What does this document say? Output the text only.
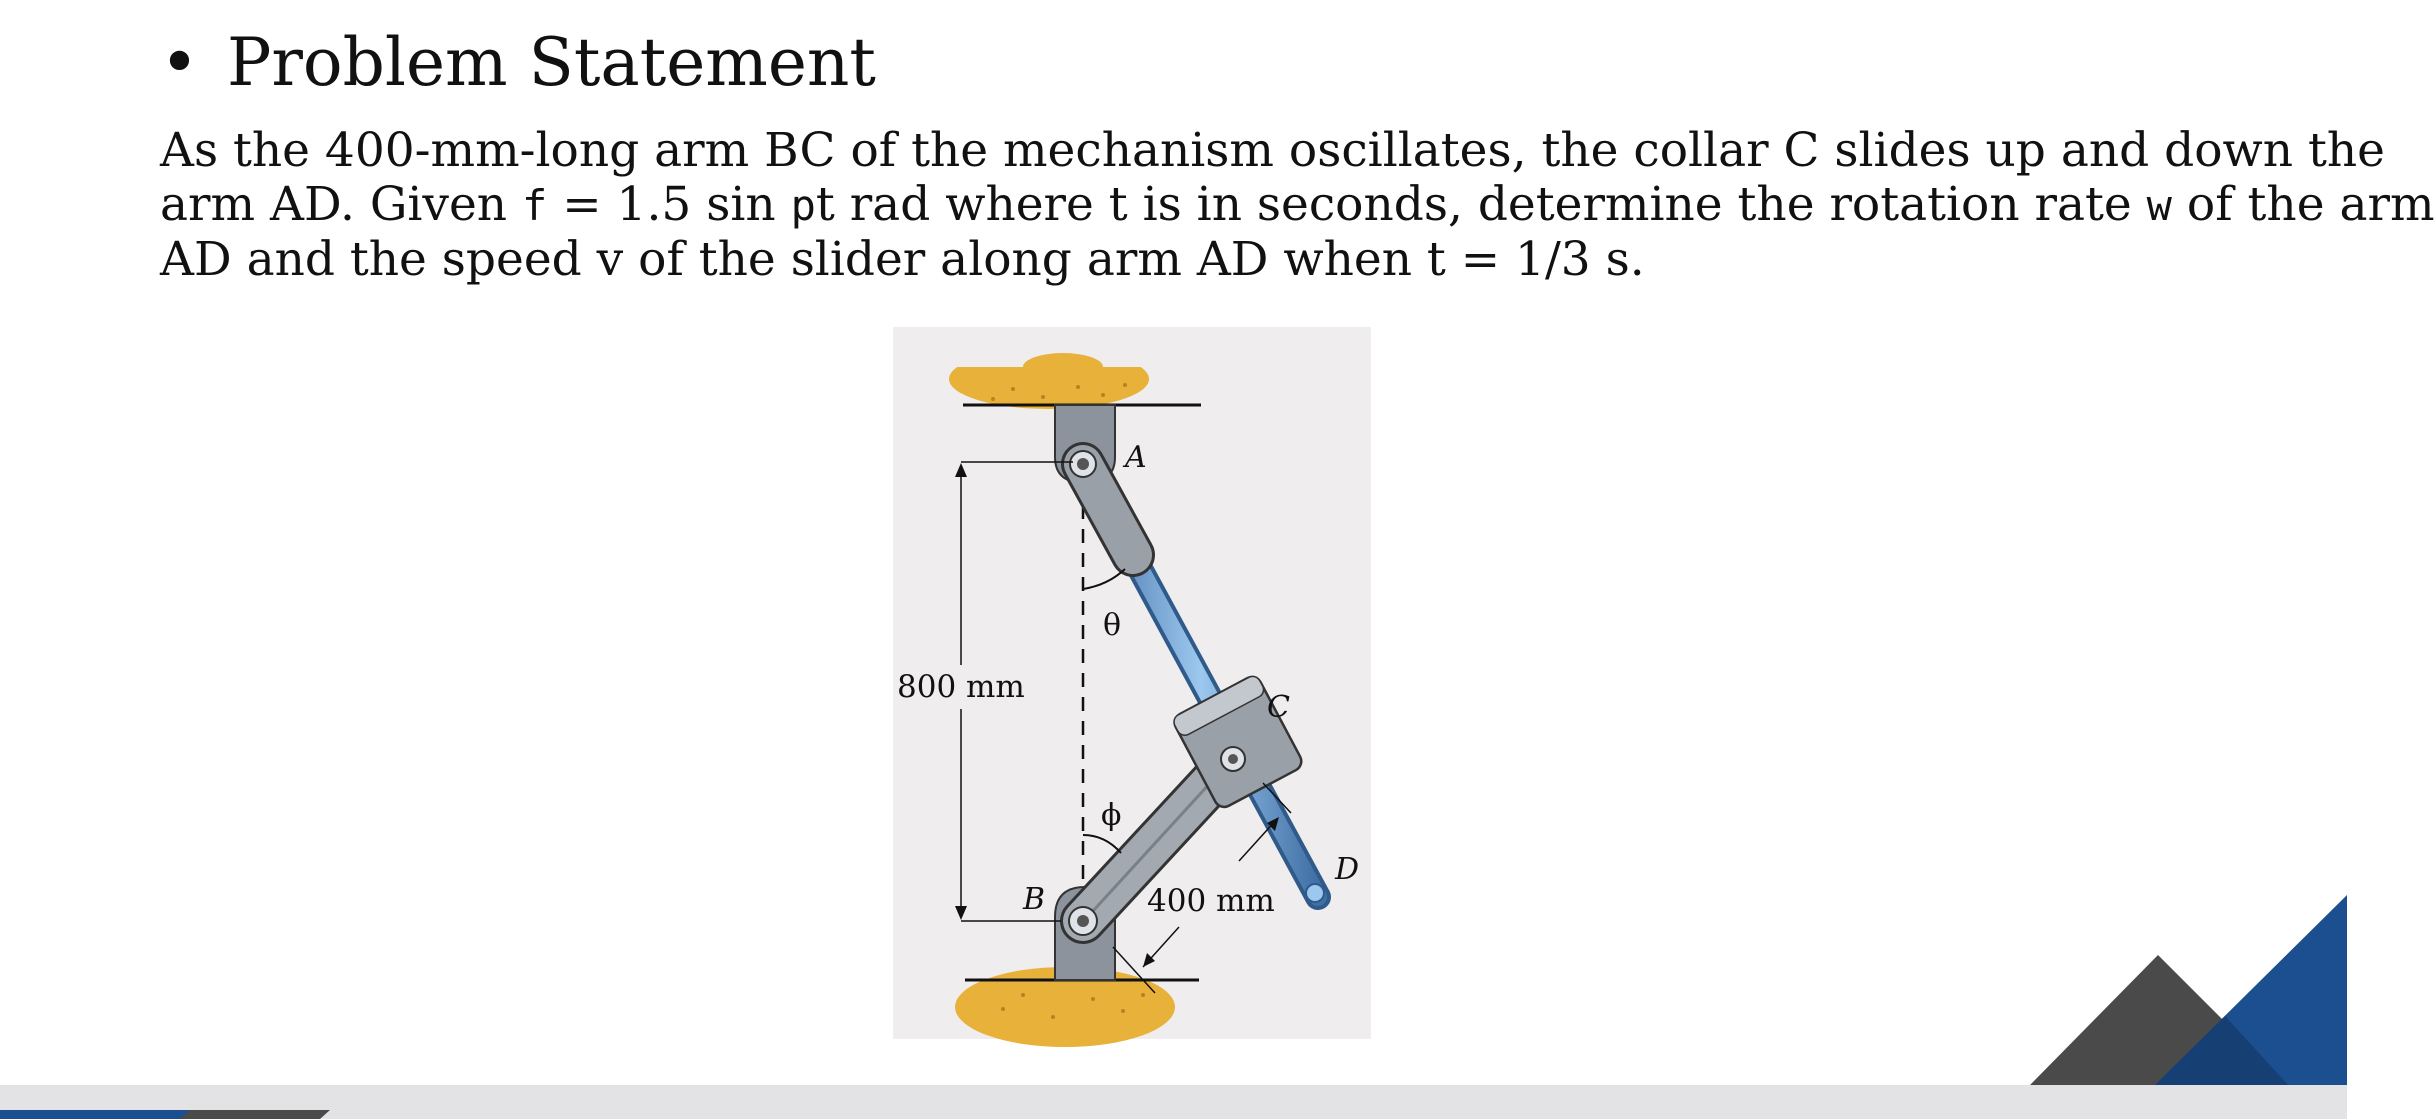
• Problem Statement
As the 400-mm-long arm BC of the mechanism oscillates, the collar C slides up and down the
arm AD. Given f = 1.5 sin pt rad where t is in seconds, determine the rotation rate w of the arm
AD and the speed v of the slider along arm AD when t = 1/3 s.
A
B
C
D
θ
ϕ
800 mm
400 mm
